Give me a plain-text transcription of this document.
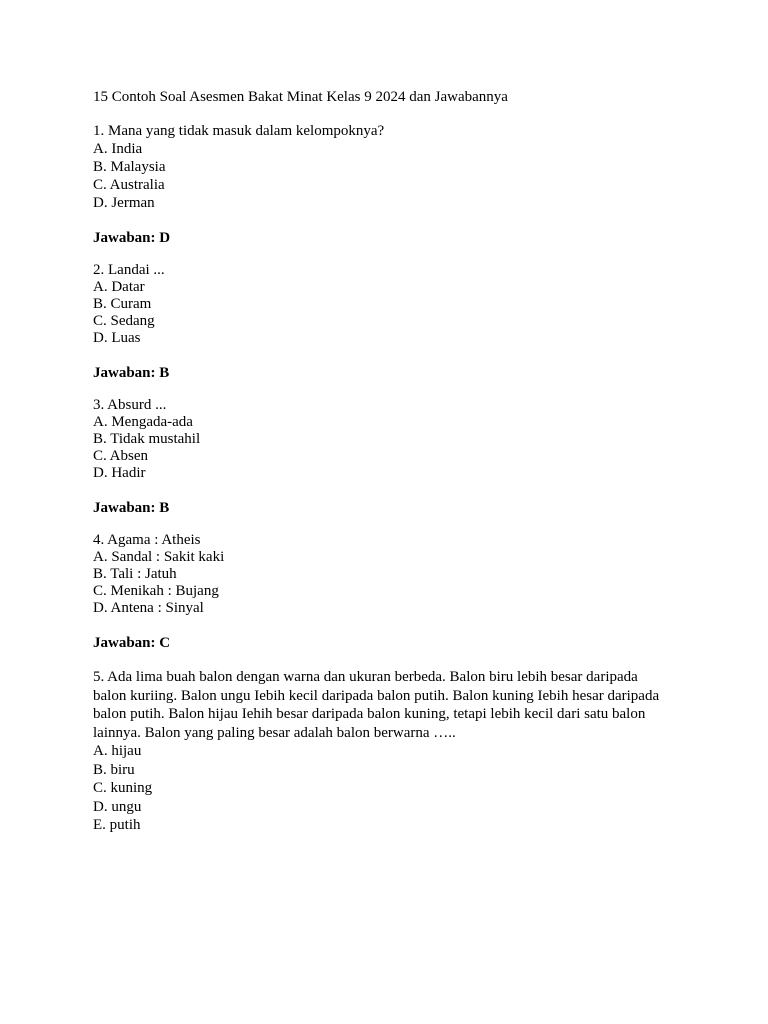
15 Contoh Soal Asesmen Bakat Minat Kelas 9 2024 dan Jawabannya

1. Mana yang tidak masuk dalam kelompoknya?
A. India
B. Malaysia
C. Australia
D. Jerman
Jawaban: D
2. Landai ...
A. Datar
B. Curam
C. Sedang
D. Luas
Jawaban: B
3. Absurd ...
A. Mengada-ada
B. Tidak mustahil
C. Absen
D. Hadir
Jawaban: B
4. Agama : Atheis
A. Sandal : Sakit kaki
B. Tali : Jatuh
C. Menikah : Bujang
D. Antena : Sinyal
Jawaban: C
5. Ada lima buah balon dengan warna dan ukuran berbeda. Balon biru lebih besar daripada balon kuriing. Balon ungu Iebih kecil daripada balon putih. Balon kuning Iebih hesar daripada balon putih. Balon hijau Iehih besar daripada balon kuning, tetapi lebih kecil dari satu balon lainnya. Balon yang paling besar adalah balon berwarna …..
A. hijau
B. biru
C. kuning
D. ungu
E. putih
